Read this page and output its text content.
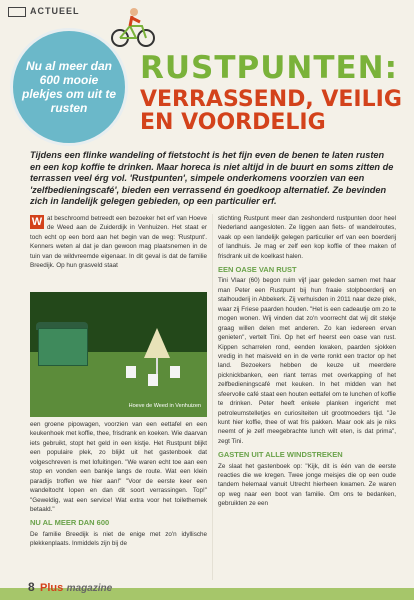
ACTUEEL
Nu al meer dan 600 mooie plekjes om uit te rusten
RUSTPUNTEN:
VERRASSEND, VEILIG EN VOORDELIG
Tijdens een flinke wandeling of fietstocht is het fijn even de benen te laten rusten en een kop koffie te drinken. Maar horeca is niet altijd in de buurt en soms zitten de terrassen veel érg vol. 'Rustpunten', simpele onderkomens voorzien van een 'zelfbedieningscafé', bieden een verrassend én goedkoop alternatief. Ze bevinden zich in landelijk gelegen gebieden, op een particulier erf.
W at beschroomd betreedt een bezoeker het erf van Hoeve de Weed aan de Zuiderdijk in Venhuizen. Het staat er toch echt op een bord aan het begin van de weg: 'Rustpunt'. Kenners weten al dat je dan gewoon mag plaatsnemen in de tuin van de wildvreemde eigenaar. In dit geval is dat de familie Breedijk. Op hun grasveld staat

Hoeve de Weed in Venhuizen

een groene pipowagen, voorzien van een eettafel en een keukenhoek met koffie, thee, frisdrank en koeken. Wie daarvan iets gebruikt, stopt het geld in een kistje. Het Rustpunt blijkt een populaire plek, zo blijkt uit het gastenboek dat volgeschreven is met lofuitingen. "We waren echt toe aan een stop en vonden een bankje langs de route. Wat een klein paradijs troffen we hier aan!" "Voor de eerste keer een wandeltocht lopen en dan dit soort verrassingen. Top!" "Geweldig, wat een service! Wat extra voor het toilethemek betaald."

NU AL MEER DAN 600

De familie Breedijk is niet de enige met zo'n idyllische plekkenplaats. Inmiddels zijn bij de

stichting Rustpunt meer dan zeshonderd rustpunten door heel Nederland aangesloten. Ze liggen aan fiets- of wandelroutes, vaak op een landelijk gelegen particulier erf van een boerderij of landhuis. Je mag er zelf een kop koffie of thee maken of frisdrank uit de koelkast halen.

EEN OASE VAN RUST

Tini Vlaar (60) begon ruim vijf jaar geleden samen met haar man Peter een Rustpunt bij hun fraaie stolpboerderij en stalhouderij in Abbekerk. Zij verhuisden in 2011 naar deze plek, waar zij Friese paarden houden. "Het is een cadeautje om zo te mogen wonen. Wij vinden dat zo'n voorrecht dat wij dit stekje graag willen delen met anderen. Zo kan iedereen ervan genieten", vertelt Tini. Op het erf heerst een oase van rust. Kippen scharrelen rond, eenden kwaken, paarden sjokken vredig in het maisveld en in de verte ronkt een tractor op het land. Bezoekers hebben de keuze uit meerdere picknickbanken, een riant terras met overkapping of het zelfbedieningscafé met keuken. In het midden van het sfeervolle café staat een houten eettafel om te lunchen of koffie te drinken. Peter heeft enkele planken ingericht met petroleumstelletjes en curiositeiten uit grootmoeders tijd. "Je kunt hier koffie, thee of wat fris pakken. Maar ook als je niks neemt of je zelf meegebrachte lunch wilt eten, is dat prima", zegt Tini.

GASTEN UIT ALLE WINDSTREKEN

Ze slaat het gastenboek op: "Kijk, dit is één van de eerste reacties die we kregen. Twee jonge meisjes die op een oude tandem helemaal vanuit Utrecht hierheen kwamen. Ze waren op weg naar een boot van familie. Om ons te bedanken, gebruikten ze een

8 Plus magazine
